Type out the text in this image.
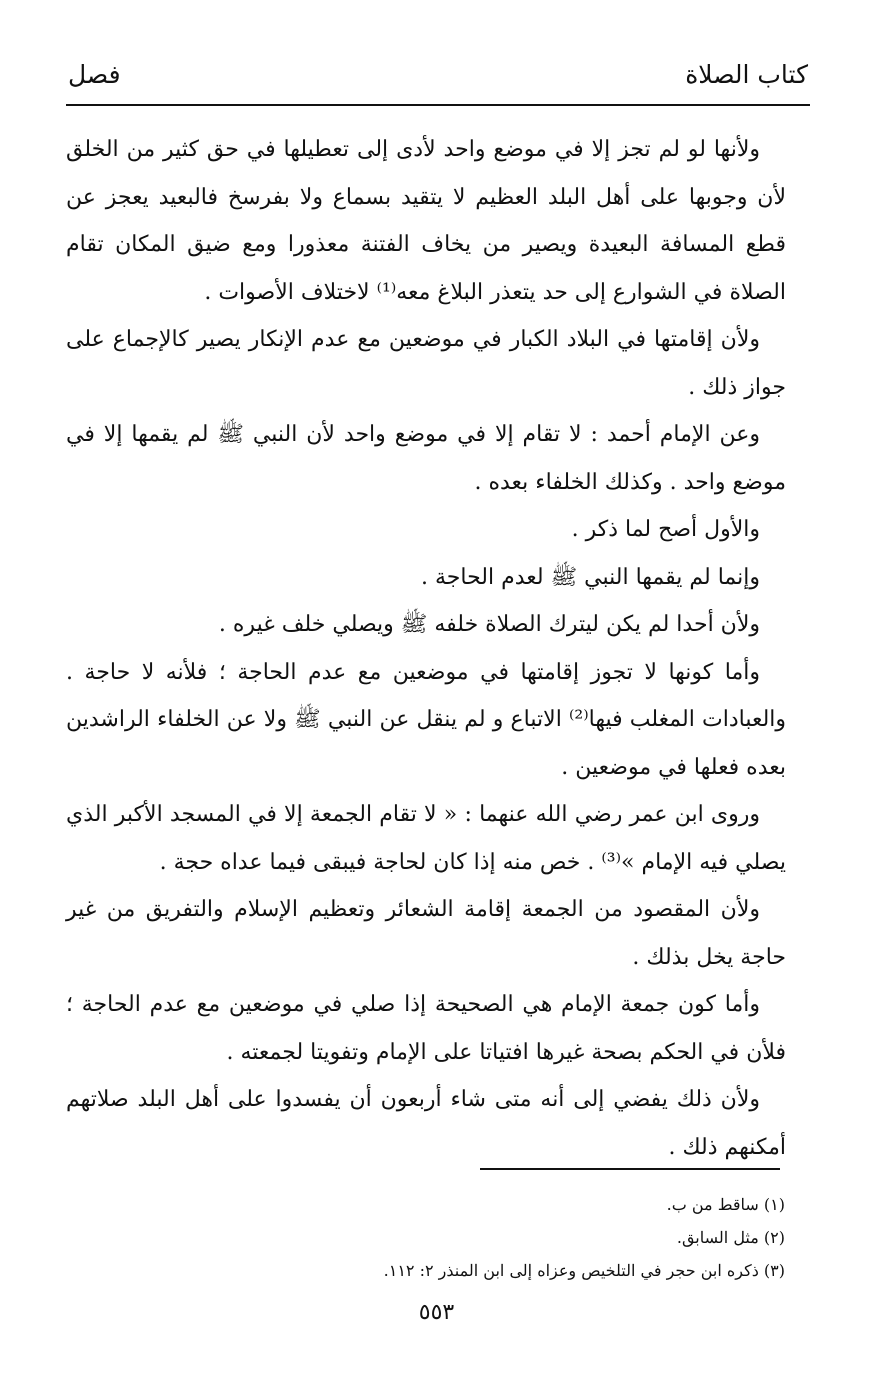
كتاب الصلاة
فصل

ولأنها لو لم تجز إلا في موضع واحد لأدى إلى تعطيلها في حق كثير من الخلق لأن وجوبها على أهل البلد العظيم لا يتقيد بسماع ولا بفرسخ فالبعيد يعجز عن قطع المسافة البعيدة ويصير من يخاف الفتنة معذورا ومع ضيق المكان تقام الصلاة في الشوارع إلى حد يتعذر البلاغ معه⁽¹⁾ لاختلاف الأصوات .

ولأن إقامتها في البلاد الكبار في موضعين مع عدم الإنكار يصير كالإجماع على جواز ذلك .

وعن الإمام أحمد : لا تقام إلا في موضع واحد لأن النبي ﷺ لم يقمها إلا في موضع واحد . وكذلك الخلفاء بعده .

والأول أصح لما ذكر .

وإنما لم يقمها النبي ﷺ لعدم الحاجة .

ولأن أحدا لم يكن ليترك الصلاة خلفه ﷺ ويصلي خلف غيره .

وأما كونها لا تجوز إقامتها في موضعين مع عدم الحاجة ؛ فلأنه لا حاجة . والعبادات المغلب فيها⁽²⁾ الاتباع و لم ينقل عن النبي ﷺ ولا عن الخلفاء الراشدين بعده فعلها في موضعين .

وروى ابن عمر رضي الله عنهما : « لا تقام الجمعة إلا في المسجد الأكبر الذي يصلي فيه الإمام »⁽³⁾ . خص منه إذا كان لحاجة فيبقى فيما عداه حجة .

ولأن المقصود من الجمعة إقامة الشعائر وتعظيم الإسلام والتفريق من غير حاجة يخل بذلك .

وأما كون جمعة الإمام هي الصحيحة إذا صلي في موضعين مع عدم الحاجة ؛ فلأن في الحكم بصحة غيرها افتياتا على الإمام وتفويتا لجمعته .

ولأن ذلك يفضي إلى أنه متى شاء أربعون أن يفسدوا على أهل البلد صلاتهم أمكنهم ذلك .

(١) ساقط من ب.
(٢) مثل السابق.
(٣) ذكره ابن حجر في التلخيص وعزاه إلى ابن المنذر ٢: ١١٢.
٥٥٣
